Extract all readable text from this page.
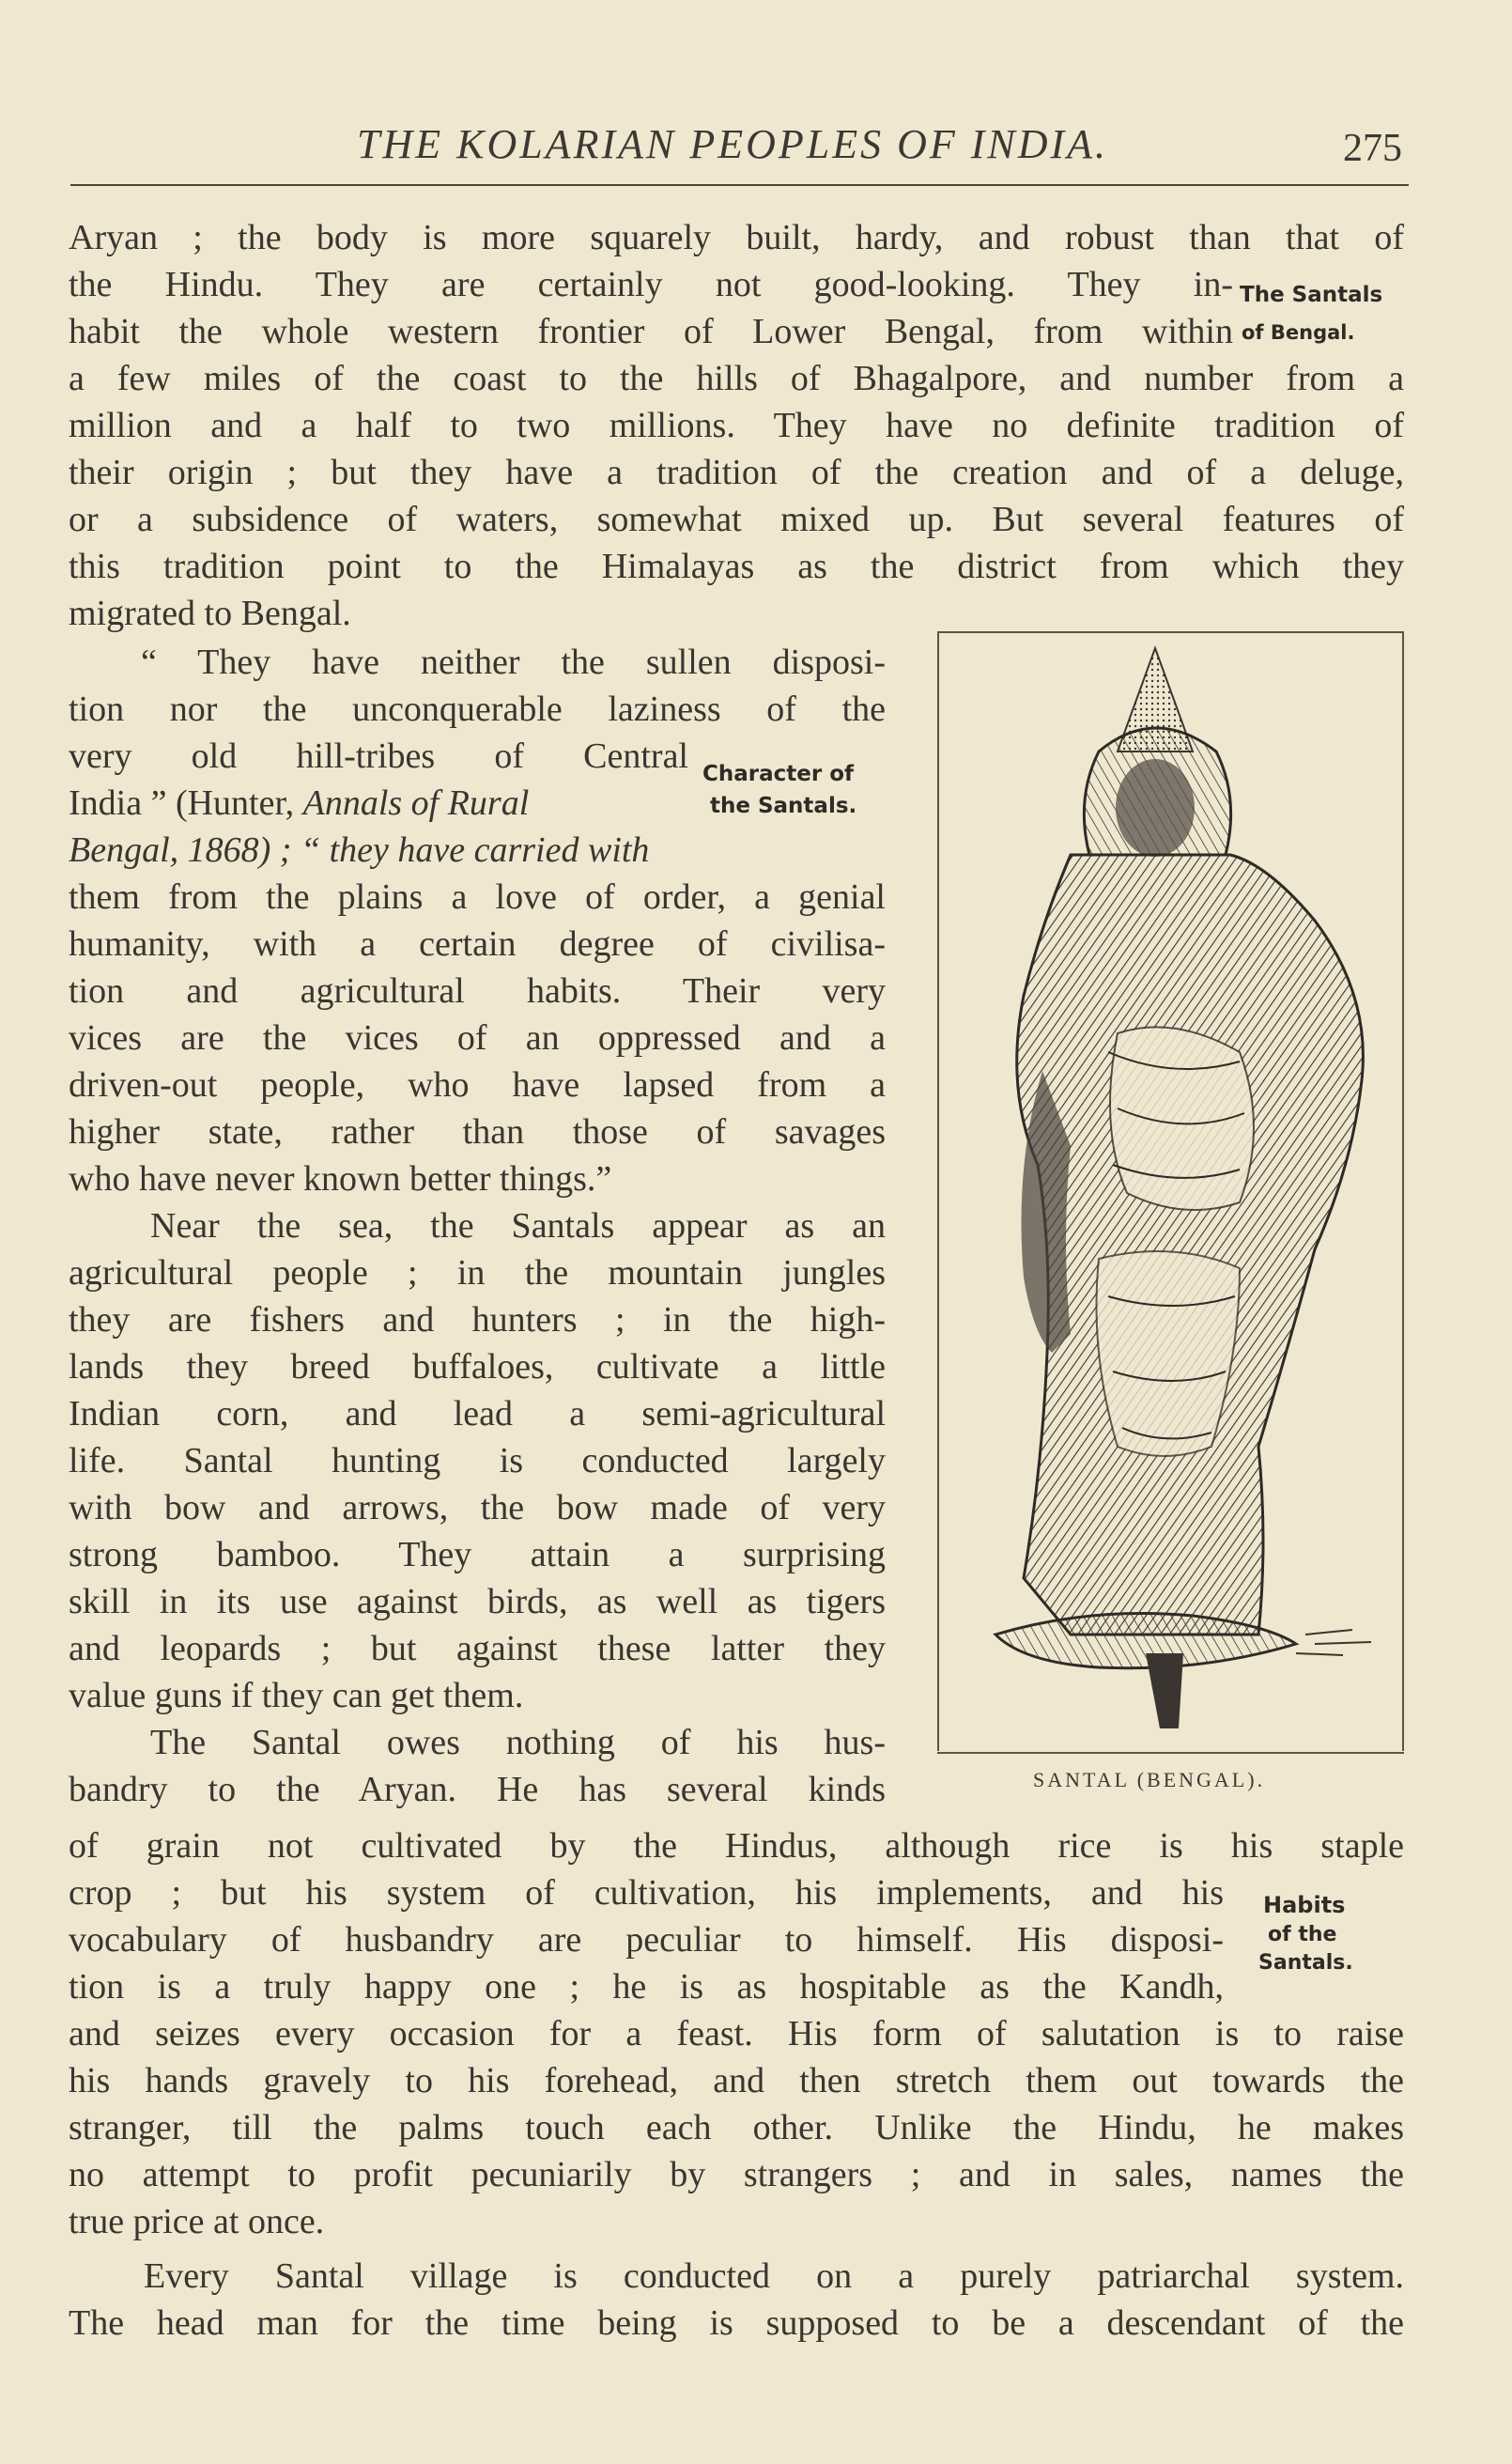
THE KOLARIAN PEOPLES OF INDIA.	275
Aryan ; the body is more squarely built, hardy, and robust than that of
the Hindu. They are certainly not good-looking. They in-
habit the whole western frontier of Lower Bengal, from within
a few miles of the coast to the hills of Bhagalpore, and number from a
million and a half to two millions. They have no definite tradition of
their origin ; but they have a tradition of the creation and of a deluge,
or a subsidence of waters, somewhat mixed up. But several features of
this tradition point to the Himalayas as the district from which they
migrated to Bengal.
The Santals
of Bengal.
“ They have neither the sullen disposi-
tion nor the unconquerable laziness of the
very old hill-tribes of Central
India ” (Hunter, Annals of Rural
Bengal, 1868) ; “ they have carried with
them from the plains a love of order, a genial
humanity, with a certain degree of civilisa-
tion and agricultural habits. Their very
vices are the vices of an oppressed and a
driven-out people, who have lapsed from a
higher state, rather than those of savages
who have never known better things.”
Near the sea, the Santals appear as an
agricultural people ; in the mountain jungles
they are fishers and hunters ; in the high-
lands they breed buffaloes, cultivate a little
Indian corn, and lead a semi-agricultural
life. Santal hunting is conducted largely
with bow and arrows, the bow made of very
strong bamboo. They attain a surprising
skill in its use against birds, as well as tigers
and leopards ; but against these latter they
value guns if they can get them.
The Santal owes nothing of his hus-
bandry to the Aryan. He has several kinds
Character of
the Santals.
SANTAL (BENGAL).
of grain not cultivated by the Hindus, although rice is his staple
crop ; but his system of cultivation, his implements, and his
vocabulary of husbandry are peculiar to himself. His disposi-
tion is a truly happy one ; he is as hospitable as the Kandh,
and seizes every occasion for a feast. His form of salutation is to raise
his hands gravely to his forehead, and then stretch them out towards the
stranger, till the palms touch each other. Unlike the Hindu, he makes
no attempt to profit pecuniarily by strangers ; and in sales, names the
true price at once.
Every Santal village is conducted on a purely patriarchal system.
The head man for the time being is supposed to be a descendant of the
Habits
of the
Santals.
